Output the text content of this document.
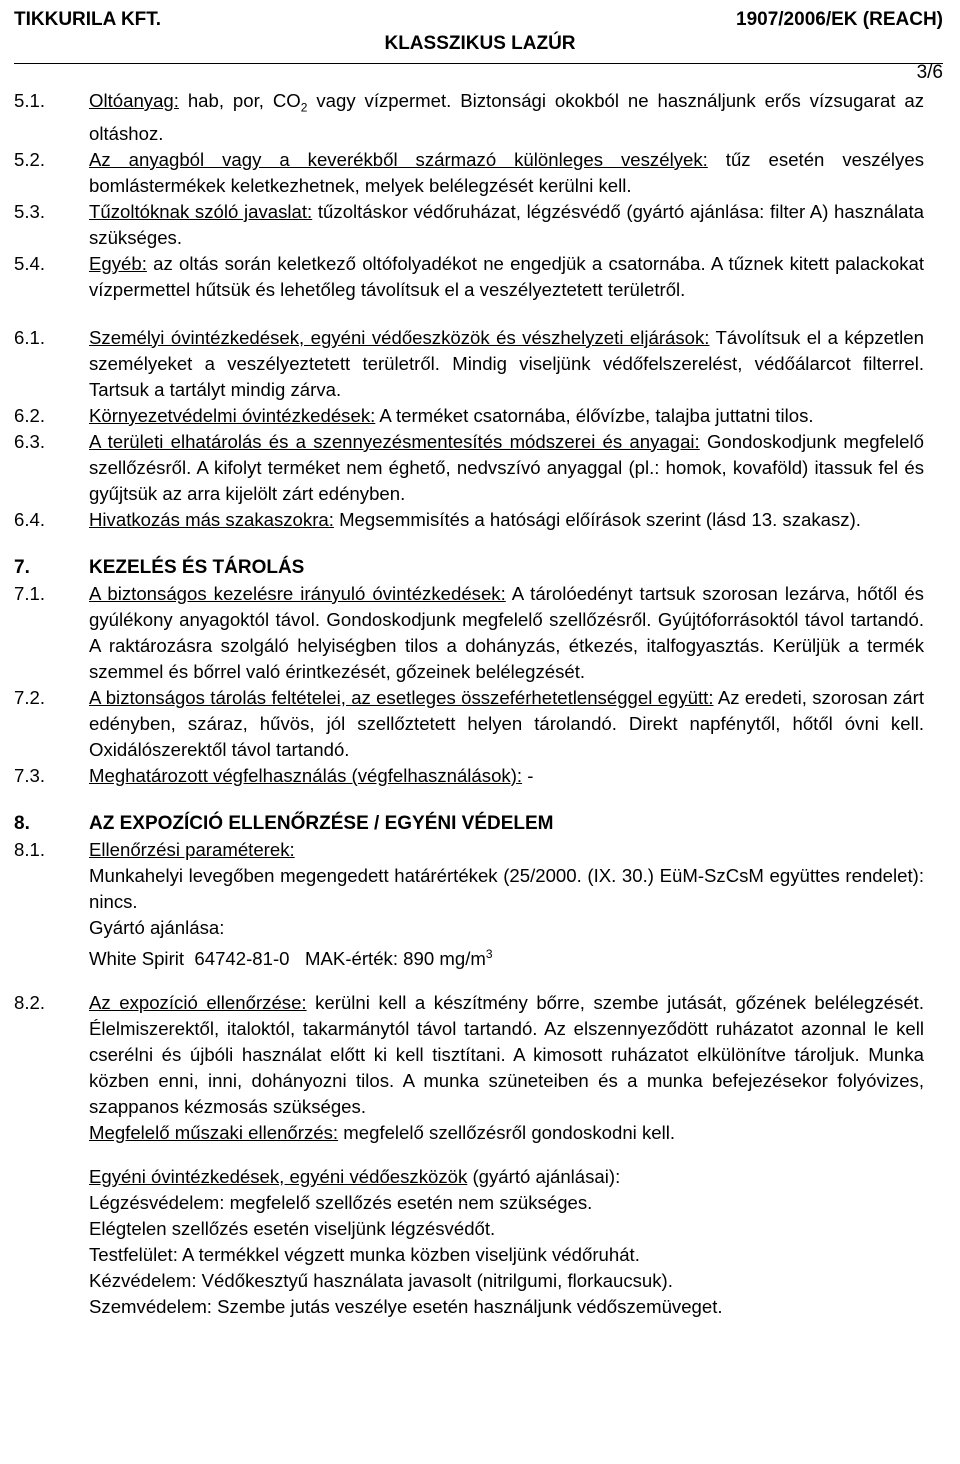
TIKKURILA KFT.	1907/2006/EK (REACH)
KLASSZIKUS LAZÚR
3/6
5.1. Oltóanyag: hab, por, $CO_2$ vagy vízpermet. Biztonsági okokból ne használjunk erős vízsugarat az oltáshoz.
5.2. Az anyagból vagy a keverékből származó különleges veszélyek: tűz esetén veszélyes bomlástermékek keletkezhetnek, melyek belélegzését kerülni kell.
5.3. Tűzoltóknak szóló javaslat: tűzoltáskor védőruházat, légzésvédő (gyártó ajánlása: filter A) használata szükséges.
5.4. Egyéb: az oltás során keletkező oltófolyadékot ne engedjük a csatornába. A tűznek kitett palackokat vízpermettel hűtsük és lehetőleg távolítsuk el a veszélyeztetett területről.
6.1. Személyi óvintézkedések, egyéni védőeszközök és vészhelyzeti eljárások: Távolítsuk el a képzetlen személyeket a veszélyeztetett területről. Mindig viseljünk védőfelszerelést, védőálarcot filterrel. Tartsuk a tartályt mindig zárva.
6.2. Környezetvédelmi óvintézkedések: A terméket csatornába, élővízbe, talajba juttatni tilos.
6.3. A területi elhatárolás és a szennyezésmentesítés módszerei és anyagai: Gondoskodjunk megfelelő szellőzésről. A kifolyt terméket nem éghető, nedvszívó anyaggal (pl.: homok, kovaföld) itassuk fel és gyűjtsük az arra kijelölt zárt edényben.
6.4. Hivatkozás más szakaszokra: Megsemmisítés a hatósági előírások szerint (lásd 13. szakasz).
7.	KEZELÉS ÉS TÁROLÁS
7.1. A biztonságos kezelésre irányuló óvintézkedések: A tárolóedényt tartsuk szorosan lezárva, hőtől és gyúlékony anyagoktól távol. Gondoskodjunk megfelelő szellőzésről. Gyújtóforrásoktól távol tartandó. A raktározásra szolgáló helyiségben tilos a dohányzás, étkezés, italfogyasztás. Kerüljük a termék szemmel és bőrrel való érintkezését, gőzeinek belélegzését.
7.2. A biztonságos tárolás feltételei, az esetleges összeférhetetlenséggel együtt: Az eredeti, szorosan zárt edényben, száraz, hűvös, jól szellőztetett helyen tárolandó. Direkt napfénytől, hőtől óvni kell. Oxidálószerektől távol tartandó.
7.3. Meghatározott végfelhasználás (végfelhasználások): -
8.	AZ EXPOZÍCIÓ ELLENŐRZÉSE / EGYÉNI VÉDELEM
8.1. Ellenőrzési paraméterek:
Munkahelyi levegőben megengedett határértékek (25/2000. (IX. 30.) EüM-SzCsM együttes rendelet): nincs.
Gyártó ajánlása:
White Spirit 64742-81-0 MAK-érték: 890 $mg/m^3$
8.2. Az expozíció ellenőrzése: kerülni kell a készítmény bőrre, szembe jutását, gőzének belélegzését. Élelmiszerektől, italoktól, takarmánytól távol tartandó. Az elszennyeződött ruházatot azonnal le kell cserélni és újbóli használat előtt ki kell tisztítani. A kimosott ruházatot elkülönítve tároljuk. Munka közben enni, inni, dohányozni tilos. A munka szüneteiben és a munka befejezésekor folyóvizes, szappanos kézmosás szükséges.
Megfelelő műszaki ellenőrzés: megfelelő szellőzésről gondoskodni kell.
Egyéni óvintézkedések, egyéni védőeszközök (gyártó ajánlásai):
Légzésvédelem: megfelelő szellőzés esetén nem szükséges.
Elégtelen szellőzés esetén viseljünk légzésvédőt.
Testfelület: A termékkel végzett munka közben viseljünk védőruhát.
Kézvédelem: Védőkesztyű használata javasolt (nitrilgumi, florkaucsuk).
Szemvédelem: Szembe jutás veszélye esetén használjunk védőszemüveget.
